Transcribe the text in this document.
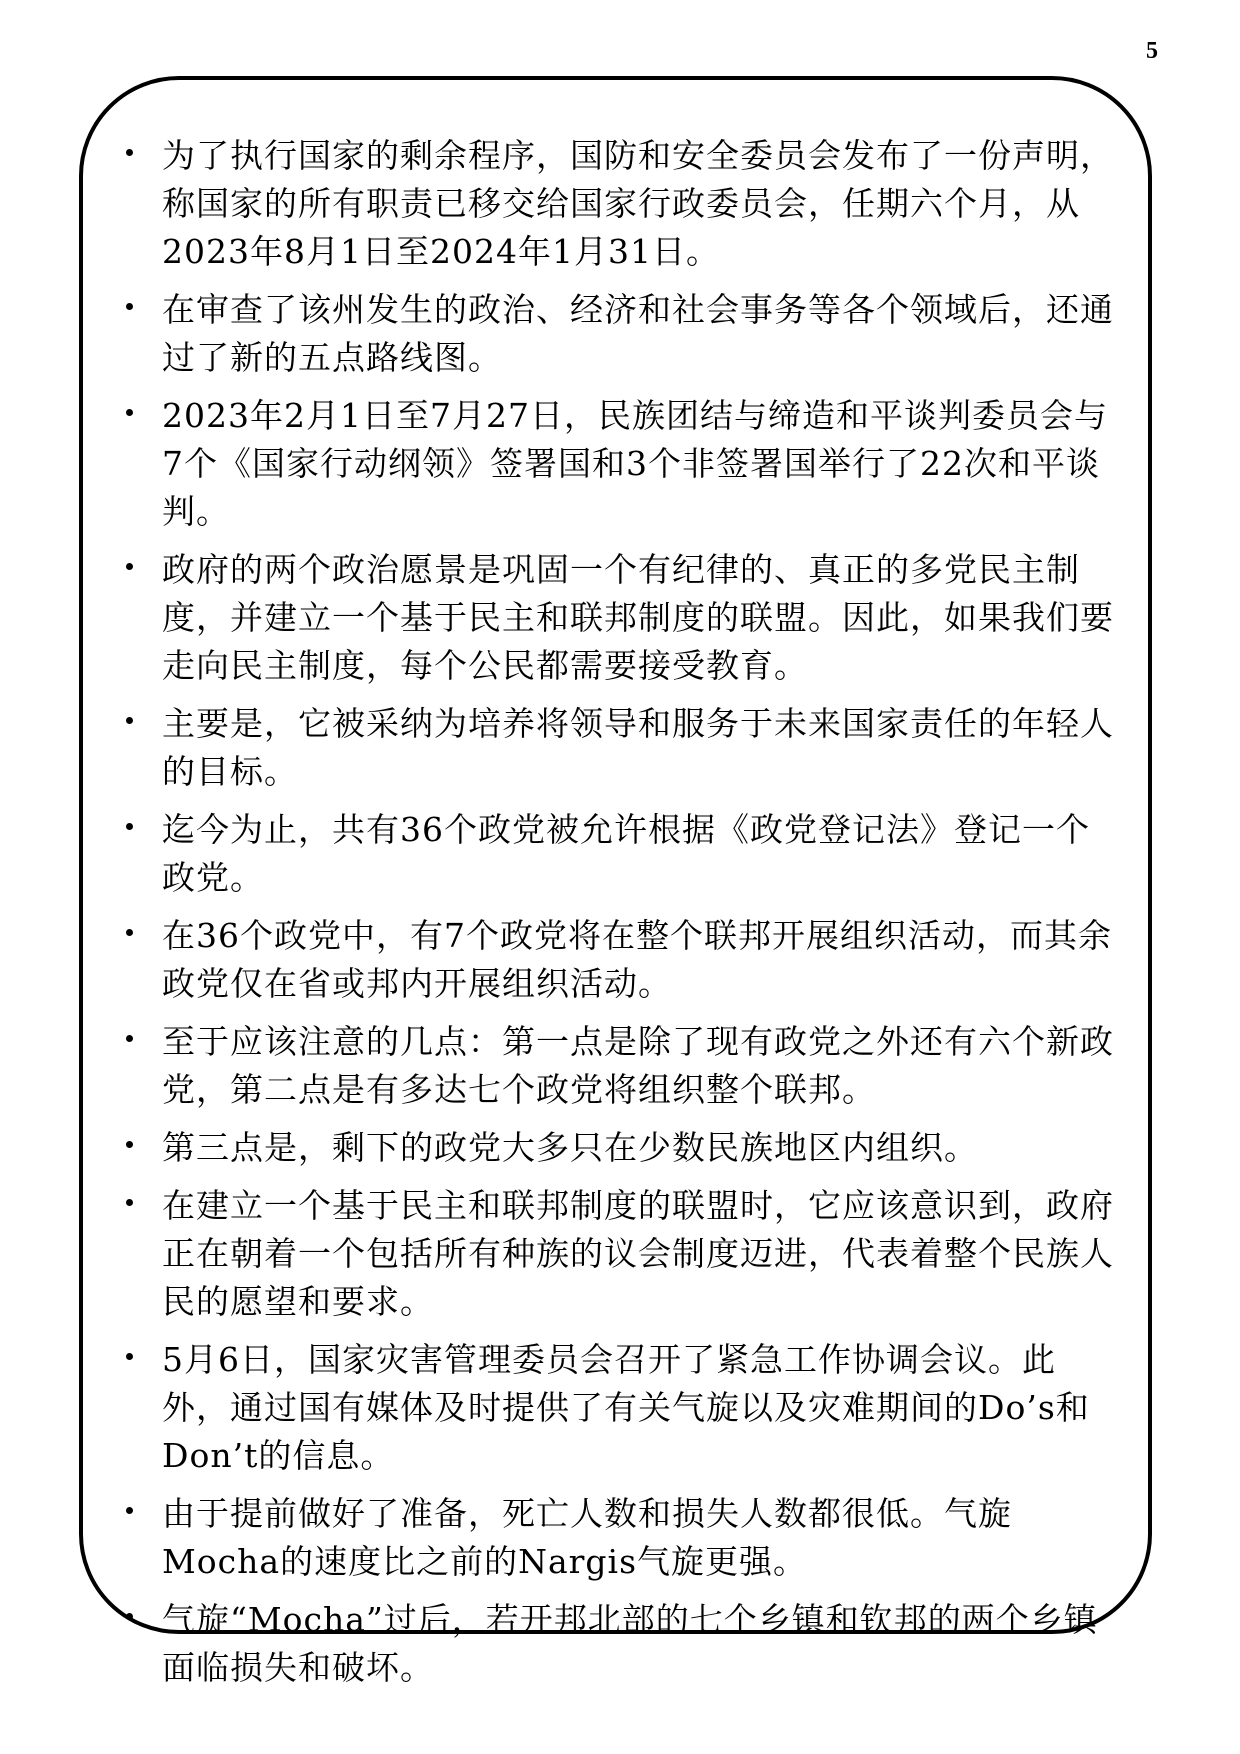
5
为了执行国家的剩余程序，国防和安全委员会发布了一份声明，称国家的所有职责已移交给国家行政委员会，任期六个月，从2023年8月1日至2024年1月31日。
在审查了该州发生的政治、经济和社会事务等各个领域后，还通过了新的五点路线图。
2023年2月1日至7月27日，民族团结与缔造和平谈判委员会与7个《国家行动纲领》签署国和3个非签署国举行了22次和平谈判。
政府的两个政治愿景是巩固一个有纪律的、真正的多党民主制度，并建立一个基于民主和联邦制度的联盟。因此，如果我们要走向民主制度，每个公民都需要接受教育。
主要是，它被采纳为培养将领导和服务于未来国家责任的年轻人的目标。
迄今为止，共有36个政党被允许根据《政党登记法》登记一个政党。
在36个政党中，有7个政党将在整个联邦开展组织活动，而其余政党仅在省或邦内开展组织活动。
至于应该注意的几点：第一点是除了现有政党之外还有六个新政党，第二点是有多达七个政党将组织整个联邦。
第三点是，剩下的政党大多只在少数民族地区内组织。
在建立一个基于民主和联邦制度的联盟时，它应该意识到，政府正在朝着一个包括所有种族的议会制度迈进，代表着整个民族人民的愿望和要求。
5月6日，国家灾害管理委员会召开了紧急工作协调会议。此外，通过国有媒体及时提供了有关气旋以及灾难期间的Do’s和Don’t的信息。
由于提前做好了准备，死亡人数和损失人数都很低。气旋Mocha的速度比之前的Nargis气旋更强。
气旋“Mocha”过后，若开邦北部的七个乡镇和钦邦的两个乡镇面临损失和破坏。
